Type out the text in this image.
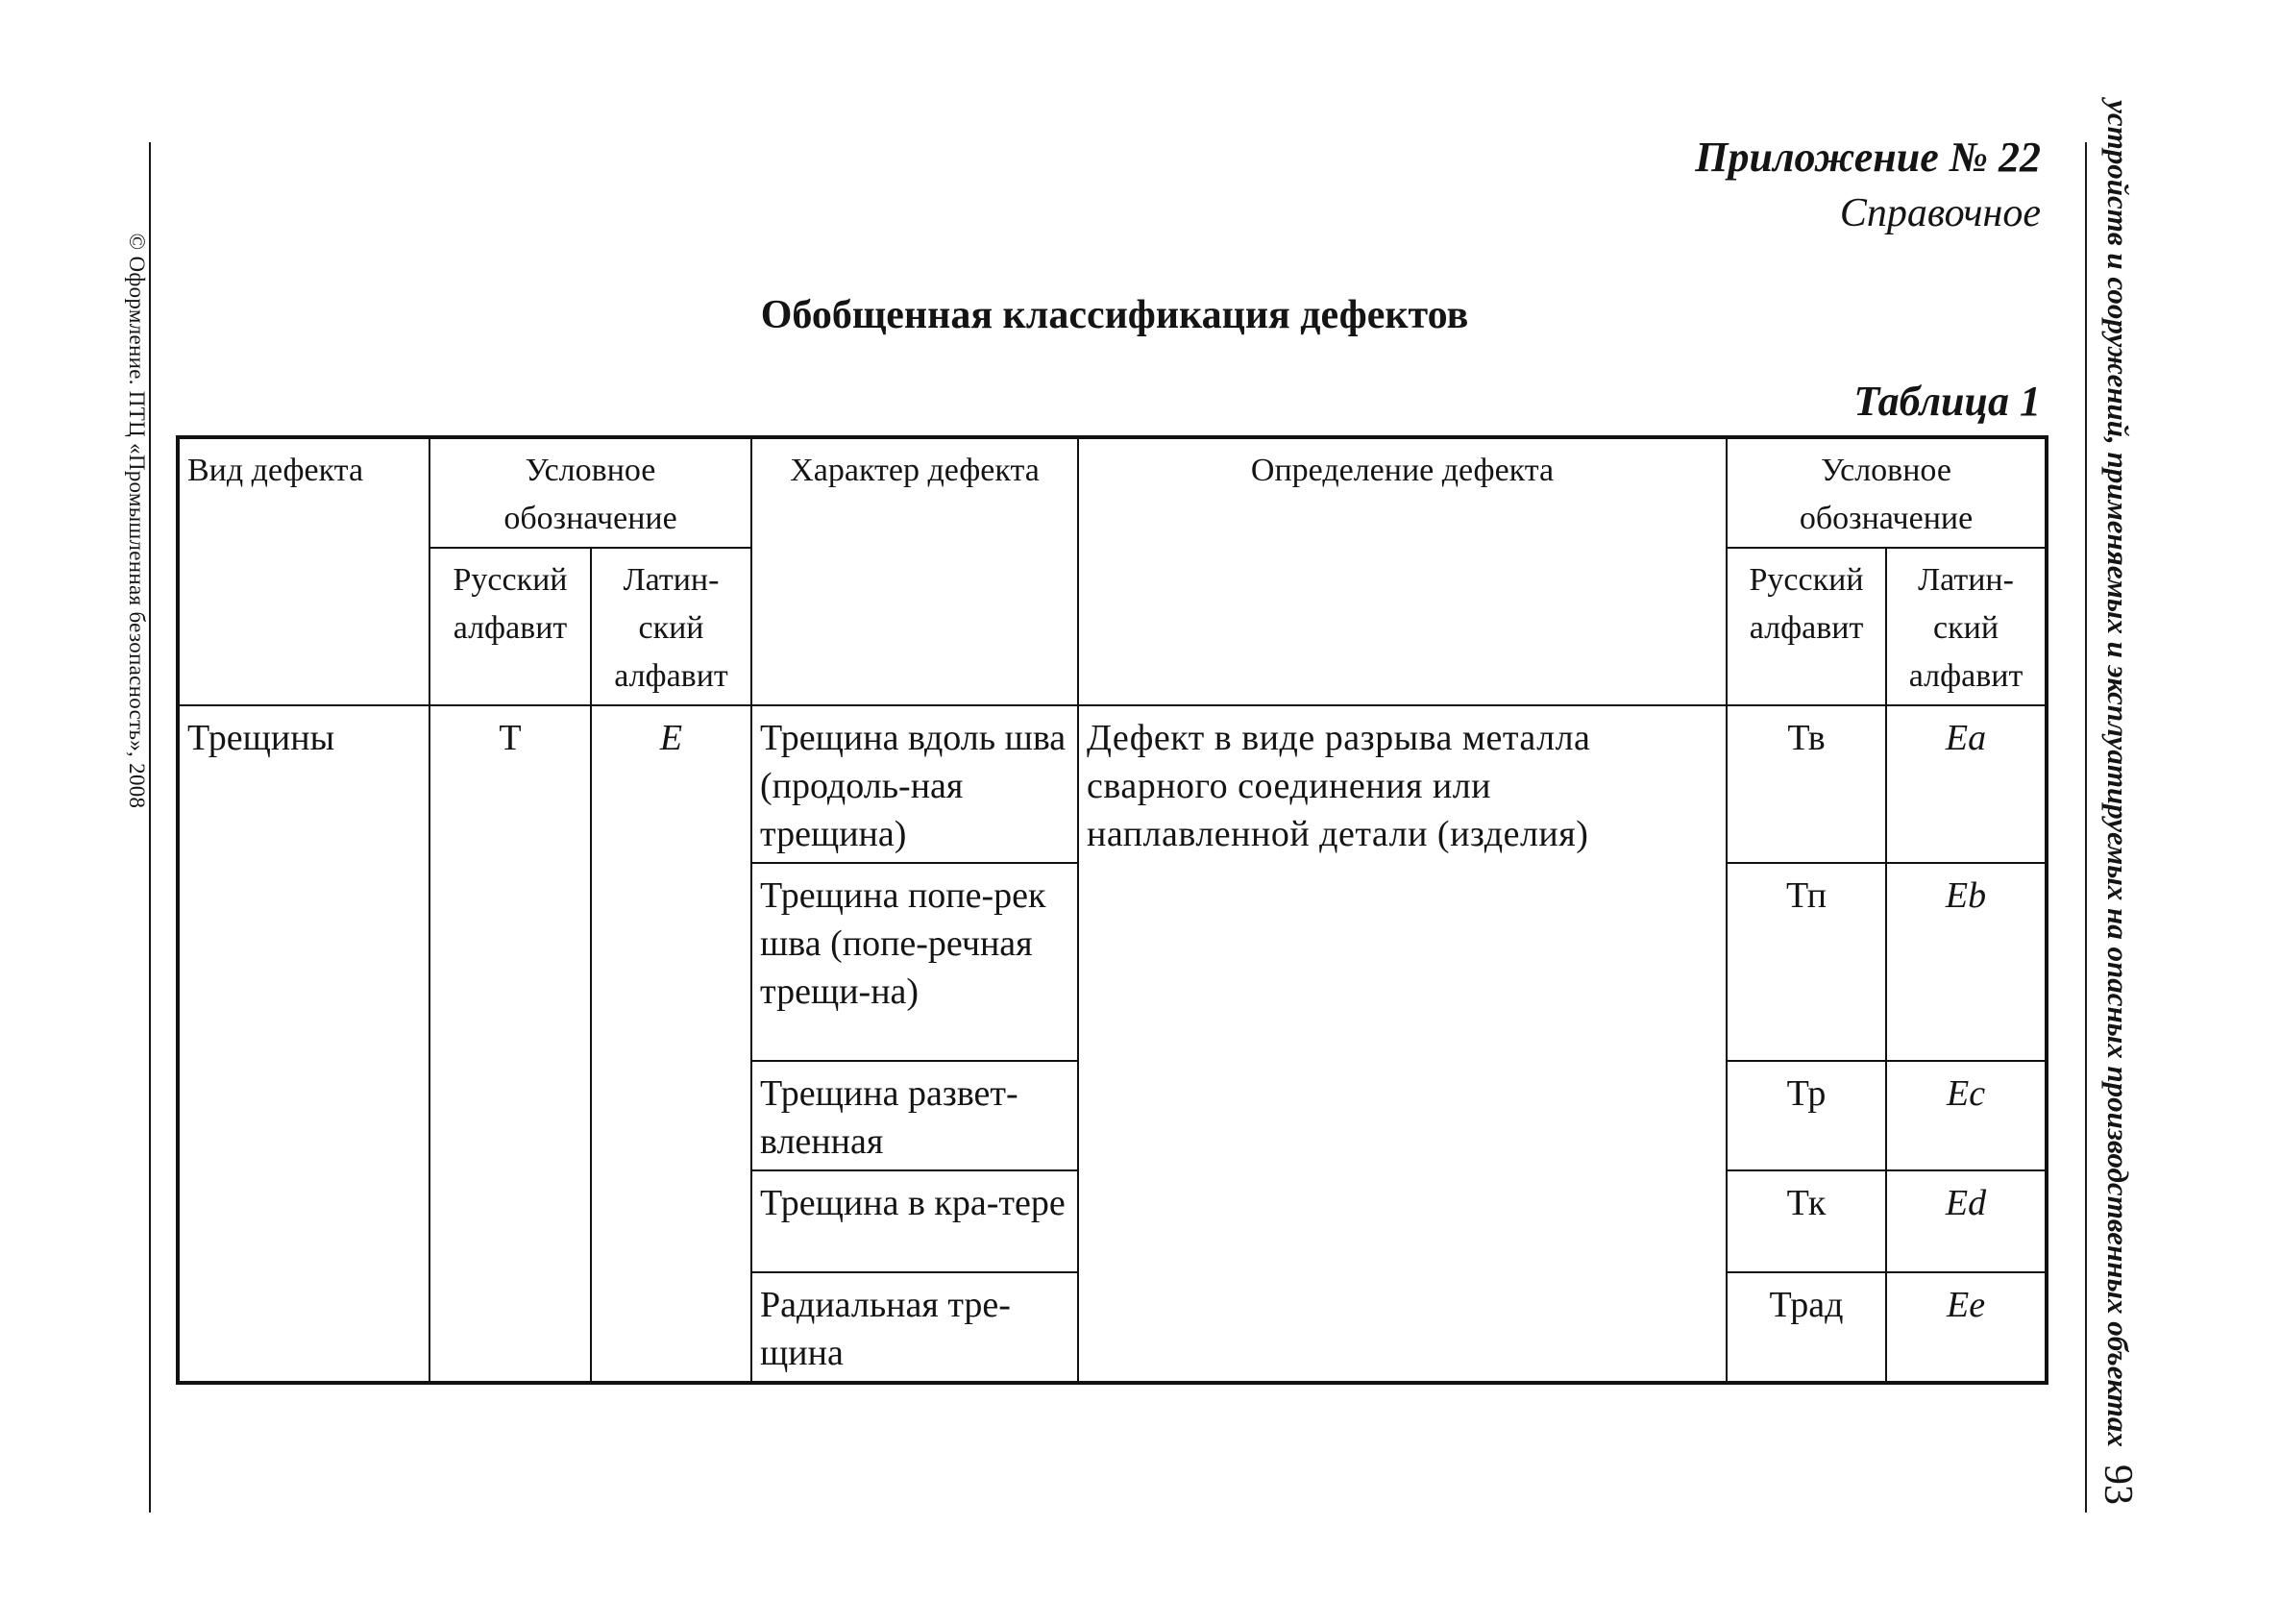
© Оформление. ПТЦ «Промышленная безопасность», 2008	устройств и сооружений, применяемых и эксплуатируемых на опасных производственных объектах
93
Приложение № 22
Справочное
Обобщенная классификация дефектов
Таблица 1
Вид дефекта	Условное обозначение		Характер дефекта	Определение дефекта	Условное обозначение	
	Русский алфавит	Латин-ский алфавит			Русский алфавит	Латин-ский алфавит
Трещины	Т	E	Трещина вдоль шва (продоль-ная трещина)	Дефект в виде разрыва металла сварного соединения или наплавленной детали (изделия)	Тв	Ea
			Трещина попе-рек шва (попе-речная трещи-на)		Тп	Eb
			Трещина развет-вленная		Тр	Ec
			Трещина в кра-тере		Тк	Ed
			Радиальная тре-щина		Трад	Ee
